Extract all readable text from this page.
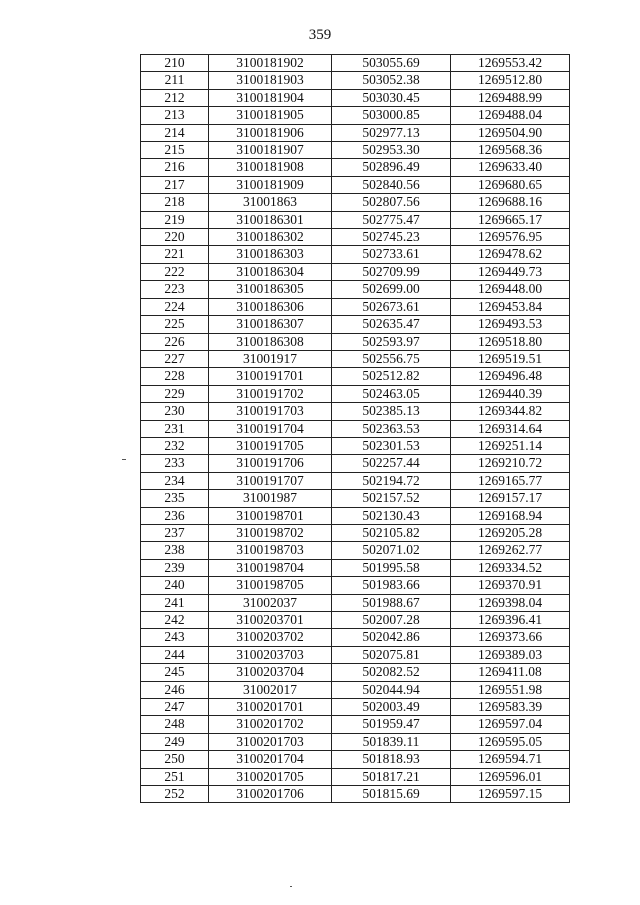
359
210	3100181902	503055.69	1269553.42
211	3100181903	503052.38	1269512.80
212	3100181904	503030.45	1269488.99
213	3100181905	503000.85	1269488.04
214	3100181906	502977.13	1269504.90
215	3100181907	502953.30	1269568.36
216	3100181908	502896.49	1269633.40
217	3100181909	502840.56	1269680.65
218	31001863	502807.56	1269688.16
219	3100186301	502775.47	1269665.17
220	3100186302	502745.23	1269576.95
221	3100186303	502733.61	1269478.62
222	3100186304	502709.99	1269449.73
223	3100186305	502699.00	1269448.00
224	3100186306	502673.61	1269453.84
225	3100186307	502635.47	1269493.53
226	3100186308	502593.97	1269518.80
227	31001917	502556.75	1269519.51
228	3100191701	502512.82	1269496.48
229	3100191702	502463.05	1269440.39
230	3100191703	502385.13	1269344.82
231	3100191704	502363.53	1269314.64
232	3100191705	502301.53	1269251.14
233	3100191706	502257.44	1269210.72
234	3100191707	502194.72	1269165.77
235	31001987	502157.52	1269157.17
236	3100198701	502130.43	1269168.94
237	3100198702	502105.82	1269205.28
238	3100198703	502071.02	1269262.77
239	3100198704	501995.58	1269334.52
240	3100198705	501983.66	1269370.91
241	31002037	501988.67	1269398.04
242	3100203701	502007.28	1269396.41
243	3100203702	502042.86	1269373.66
244	3100203703	502075.81	1269389.03
245	3100203704	502082.52	1269411.08
246	31002017	502044.94	1269551.98
247	3100201701	502003.49	1269583.39
248	3100201702	501959.47	1269597.04
249	3100201703	501839.11	1269595.05
250	3100201704	501818.93	1269594.71
251	3100201705	501817.21	1269596.01
252	3100201706	501815.69	1269597.15
